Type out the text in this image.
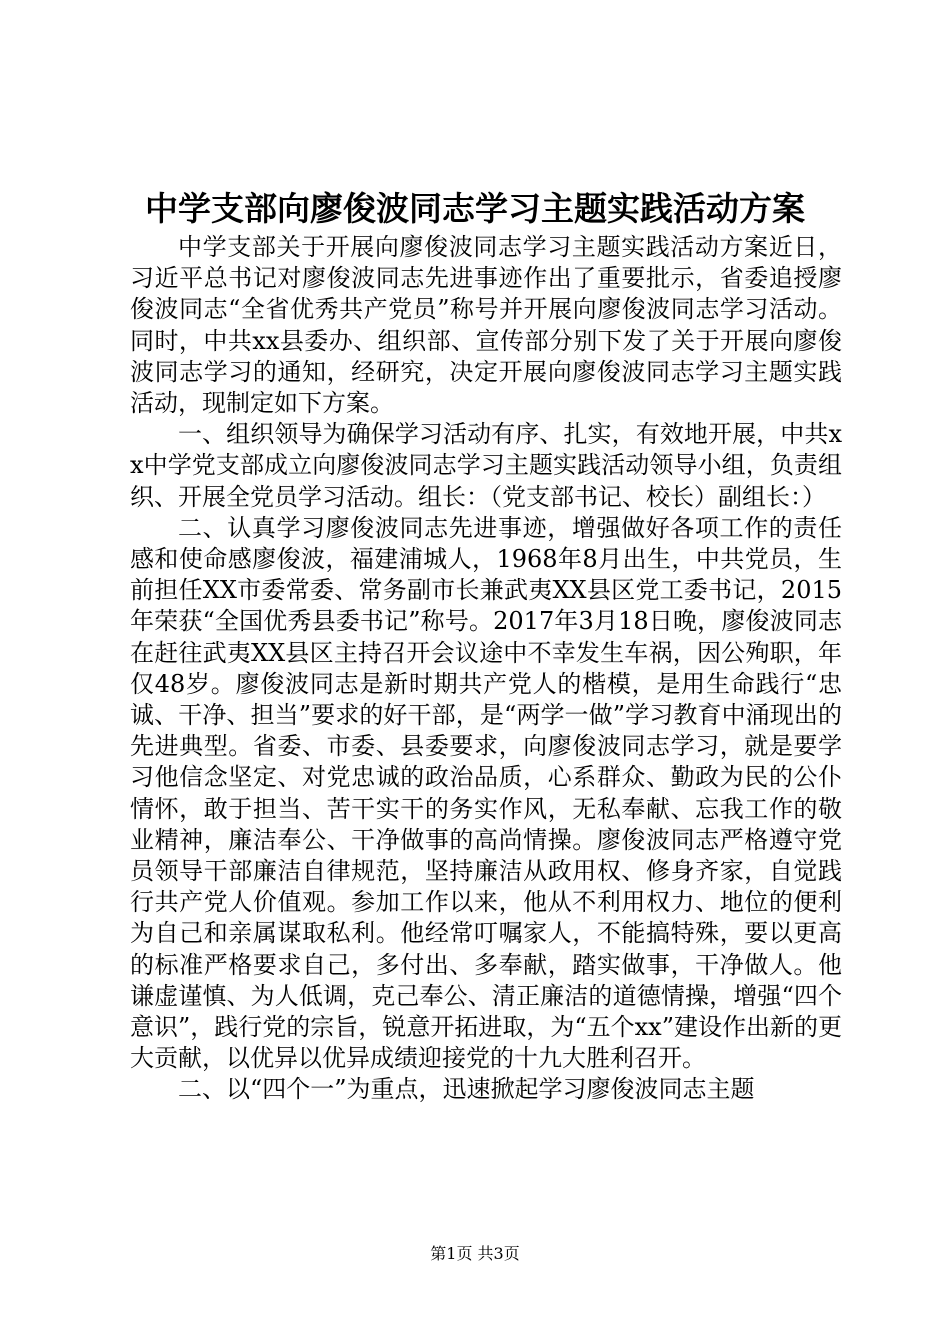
中学支部向廖俊波同志学习主题实践活动方案

中学支部关于开展向廖俊波同志学习主题实践活动方案近日，习近平总书记对廖俊波同志先进事迹作出了重要批示，省委追授廖俊波同志“全省优秀共产党员”称号并开展向廖俊波同志学习活动。同时，中共xx县委办、组织部、宣传部分别下发了关于开展向廖俊波同志学习的通知，经研究，决定开展向廖俊波同志学习主题实践活动，现制定如下方案。

一、组织领导为确保学习活动有序、扎实，有效地开展，中共xx中学党支部成立向廖俊波同志学习主题实践活动领导小组，负责组织、开展全党员学习活动。组长：（党支部书记、校长）副组长：）

二、认真学习廖俊波同志先进事迹，增强做好各项工作的责任感和使命感廖俊波，福建浦城人，1968年8月出生，中共党员，生前担任XX市委常委、常务副市长兼武夷XX县区党工委书记，2015年荣获“全国优秀县委书记”称号。2017年3月18日晚，廖俊波同志在赶往武夷XX县区主持召开会议途中不幸发生车祸，因公殉职，年仅48岁。廖俊波同志是新时期共产党人的楷模，是用生命践行“忠诚、干净、担当”要求的好干部，是“两学一做”学习教育中涌现出的先进典型。省委、市委、县委要求，向廖俊波同志学习，就是要学习他信念坚定、对党忠诚的政治品质，心系群众、勤政为民的公仆情怀，敢于担当、苦干实干的务实作风，无私奉献、忘我工作的敬业精神，廉洁奉公、干净做事的高尚情操。廖俊波同志严格遵守党员领导干部廉洁自律规范，坚持廉洁从政用权、修身齐家，自觉践行共产党人价值观。参加工作以来，他从不利用权力、地位的便利为自己和亲属谋取私利。他经常叮嘱家人，不能搞特殊，要以更高的标准严格要求自己，多付出、多奉献，踏实做事，干净做人。他谦虚谨慎、为人低调，克己奉公、清正廉洁的道德情操，增强“四个意识”，践行党的宗旨，锐意开拓进取，为“五个xx”建设作出新的更大贡献，以优异以优异成绩迎接党的十九大胜利召开。

二、以“四个一”为重点，迅速掀起学习廖俊波同志主题

第1页 共3页
